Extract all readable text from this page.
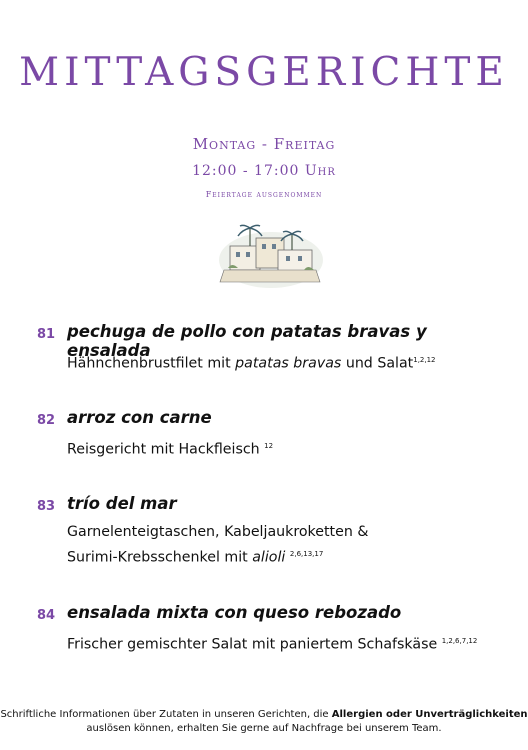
MITTAGSGERICHTE
Montag - Freitag
12:00 - 17:00 Uhr
Feiertage ausgenommen
81 pechuga de pollo con patatas bravas y ensalada
Hähnchenbrustfilet mit patatas bravas und Salat$^{1,2,12}$
82 arroz con carne
Reisgericht mit Hackfleisch $^{12}$
83 trío del mar
Garnelenteigtaschen, Kabeljaukroketten &
Surimi-Krebsschenkel mit alioli $^{2,6,13,17}$
84 ensalada mixta con queso rebozado
Frischer gemischter Salat mit paniertem Schafskäse $^{1,2,6,7,12}$
Schriftliche Informationen über Zutaten in unseren Gerichten, die Allergien oder Unverträglichkeiten
auslösen können, erhalten Sie gerne auf Nachfrage bei unserem Team.
